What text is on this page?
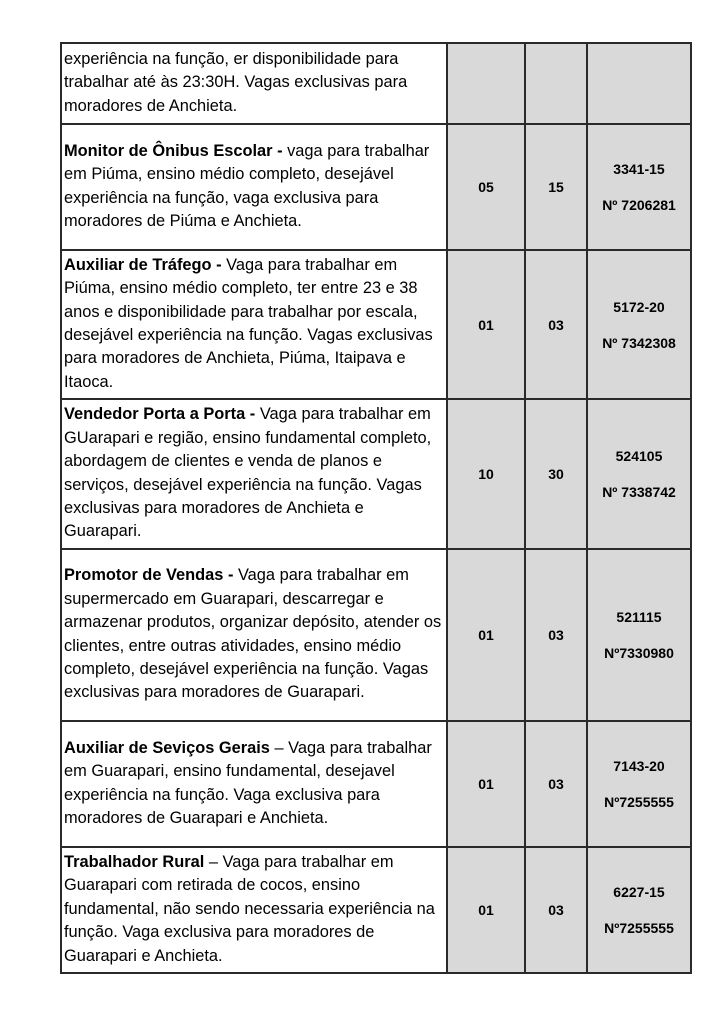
experiência na função, er disponibilidade para trabalhar até às 23:30H. Vagas exclusivas para moradores de Anchieta.			

Monitor de Ônibus Escolar - vaga para trabalhar em Piúma, ensino médio completo, desejável experiência na função, vaga exclusiva para moradores de Piúma e Anchieta.	05	15	3341-15
Nº 7206281

Auxiliar de Tráfego - Vaga para trabalhar em Piúma, ensino médio completo, ter entre 23 e 38 anos e disponibilidade para trabalhar por escala, desejável experiência na função. Vagas exclusivas para moradores de Anchieta, Piúma, Itaipava e Itaoca.	01	03	5172-20
Nº 7342308

Vendedor Porta a Porta - Vaga para trabalhar em GUarapari e região, ensino fundamental completo, abordagem de clientes e venda de planos e serviços, desejável experiência na função. Vagas exclusivas para moradores de Anchieta e Guarapari.	10	30	524105
Nº 7338742

Promotor de Vendas - Vaga para trabalhar em supermercado em Guarapari, descarregar e armazenar produtos, organizar depósito, atender os clientes, entre outras atividades, ensino médio completo, desejável experiência na função. Vagas exclusivas para moradores de Guarapari.	01	03	521115
Nº7330980

Auxiliar de Seviços Gerais – Vaga para trabalhar em Guarapari, ensino fundamental, desejavel experiência na função. Vaga exclusiva para moradores de Guarapari e Anchieta.	01	03	7143-20
Nº7255555

Trabalhador Rural – Vaga para trabalhar em Guarapari com retirada de cocos, ensino fundamental, não sendo necessaria experiência na função. Vaga exclusiva para moradores de Guarapari e Anchieta.	01	03	6227-15
Nº7255555
